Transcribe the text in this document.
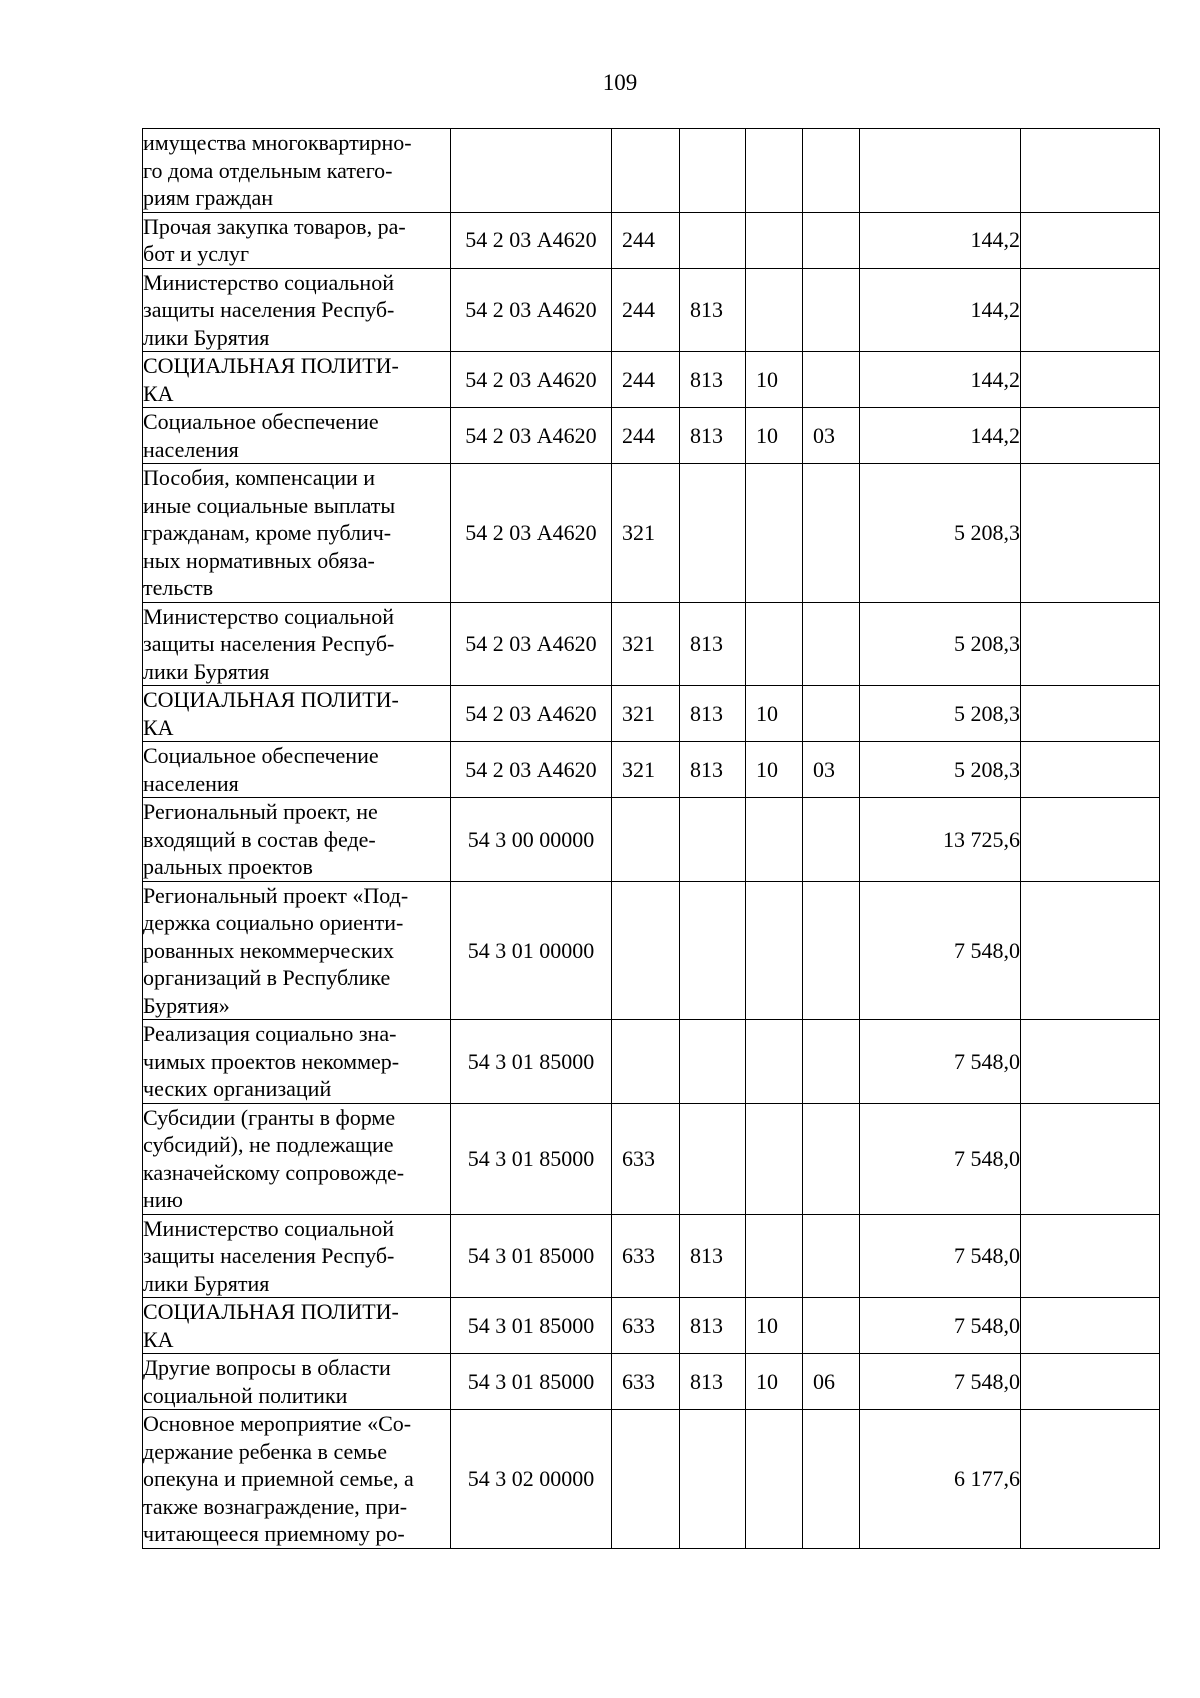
109
имущества многоквартирно-
го дома отдельным катего-
риям граждан							

Прочая закупка товаров, ра-
бот и услуг	54 2 03 А4620	244				144,2	

Министерство социальной
защиты населения Респуб-
лики Бурятия	54 2 03 А4620	244	813			144,2	

СОЦИАЛЬНАЯ ПОЛИТИ-
КА	54 2 03 А4620	244	813	10		144,2	

Социальное обеспечение
населения	54 2 03 А4620	244	813	10	03	144,2	

Пособия, компенсации и
иные социальные выплаты
гражданам, кроме публич-
ных нормативных обяза-
тельств	54 2 03 А4620	321				5 208,3	

Министерство социальной
защиты населения Респуб-
лики Бурятия	54 2 03 А4620	321	813			5 208,3	

СОЦИАЛЬНАЯ ПОЛИТИ-
КА	54 2 03 А4620	321	813	10		5 208,3	

Социальное обеспечение
населения	54 2 03 А4620	321	813	10	03	5 208,3	

Региональный проект, не
входящий в состав феде-
ральных проектов	54 3 00 00000					13 725,6	

Региональный проект «Под-
держка социально ориенти-
рованных некоммерческих
организаций в Республике
Бурятия»	54 3 01 00000					7 548,0	

Реализация социально зна-
чимых проектов некоммер-
ческих организаций	54 3 01 85000					7 548,0	

Субсидии (гранты в форме
субсидий), не подлежащие
казначейскому сопровожде-
нию	54 3 01 85000	633				7 548,0	

Министерство социальной
защиты населения Респуб-
лики Бурятия	54 3 01 85000	633	813			7 548,0	

СОЦИАЛЬНАЯ ПОЛИТИ-
КА	54 3 01 85000	633	813	10		7 548,0	

Другие вопросы в области
социальной политики	54 3 01 85000	633	813	10	06	7 548,0	

Основное мероприятие «Со-
держание ребенка в семье
опекуна и приемной семье, а
также вознаграждение, при-
читающееся приемному ро-	54 3 02 00000					6 177,6	
